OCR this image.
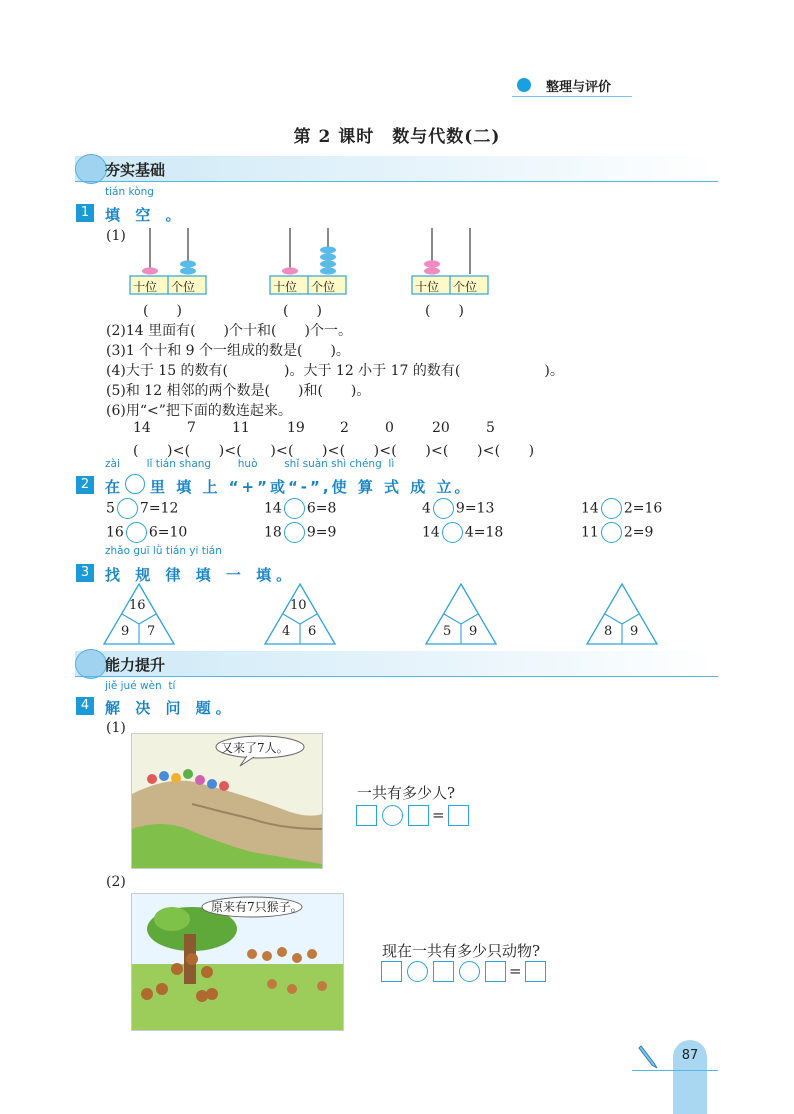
整理与评价
第 2 课时　数与代数(二)
夯实基础
tián kòng
1	填 空 。
(1)
十位 个位
(　　)
十位 个位
(　　)
十位 个位
(　　)
(2)14 里面有(　　)个十和(　　)个一。
(3)1 个十和 9 个一组成的数是(　　)。
(4)大于 15 的数有(　　　　)。大于 12 小于 17 的数有(　　　　　　)。
(5)和 12 相邻的两个数是(　　)和(　　)。
(6)用“<”把下面的数连起来。
14	7	11	19	2	0	20	5
(　　)<(　　)<(　　)<(　　)<(　　)<(　　)<(　　)<(　　)
zài        lǐ tián shang        huò        shǐ suàn shì chéng  lì
2	在 里 填 上 “+”或“-”,使 算 式 成 立。
5 7=12	14 6=8	4 9=13	14 2=16
16 6=10	18 9=9	14 4=18	11 2=9
zhǎo guī lǜ tián yi tián
3	找 规 律 填 一 填。
16
9 7
10
4 6	5 9	8 9
能力提升
jiě jué wèn  tí
4	解 决 问 题。
(1)
又来了7人。
一共有多少人?
=
(2)
原来有7只猴子。
现在一共有多少只动物?
=
87
